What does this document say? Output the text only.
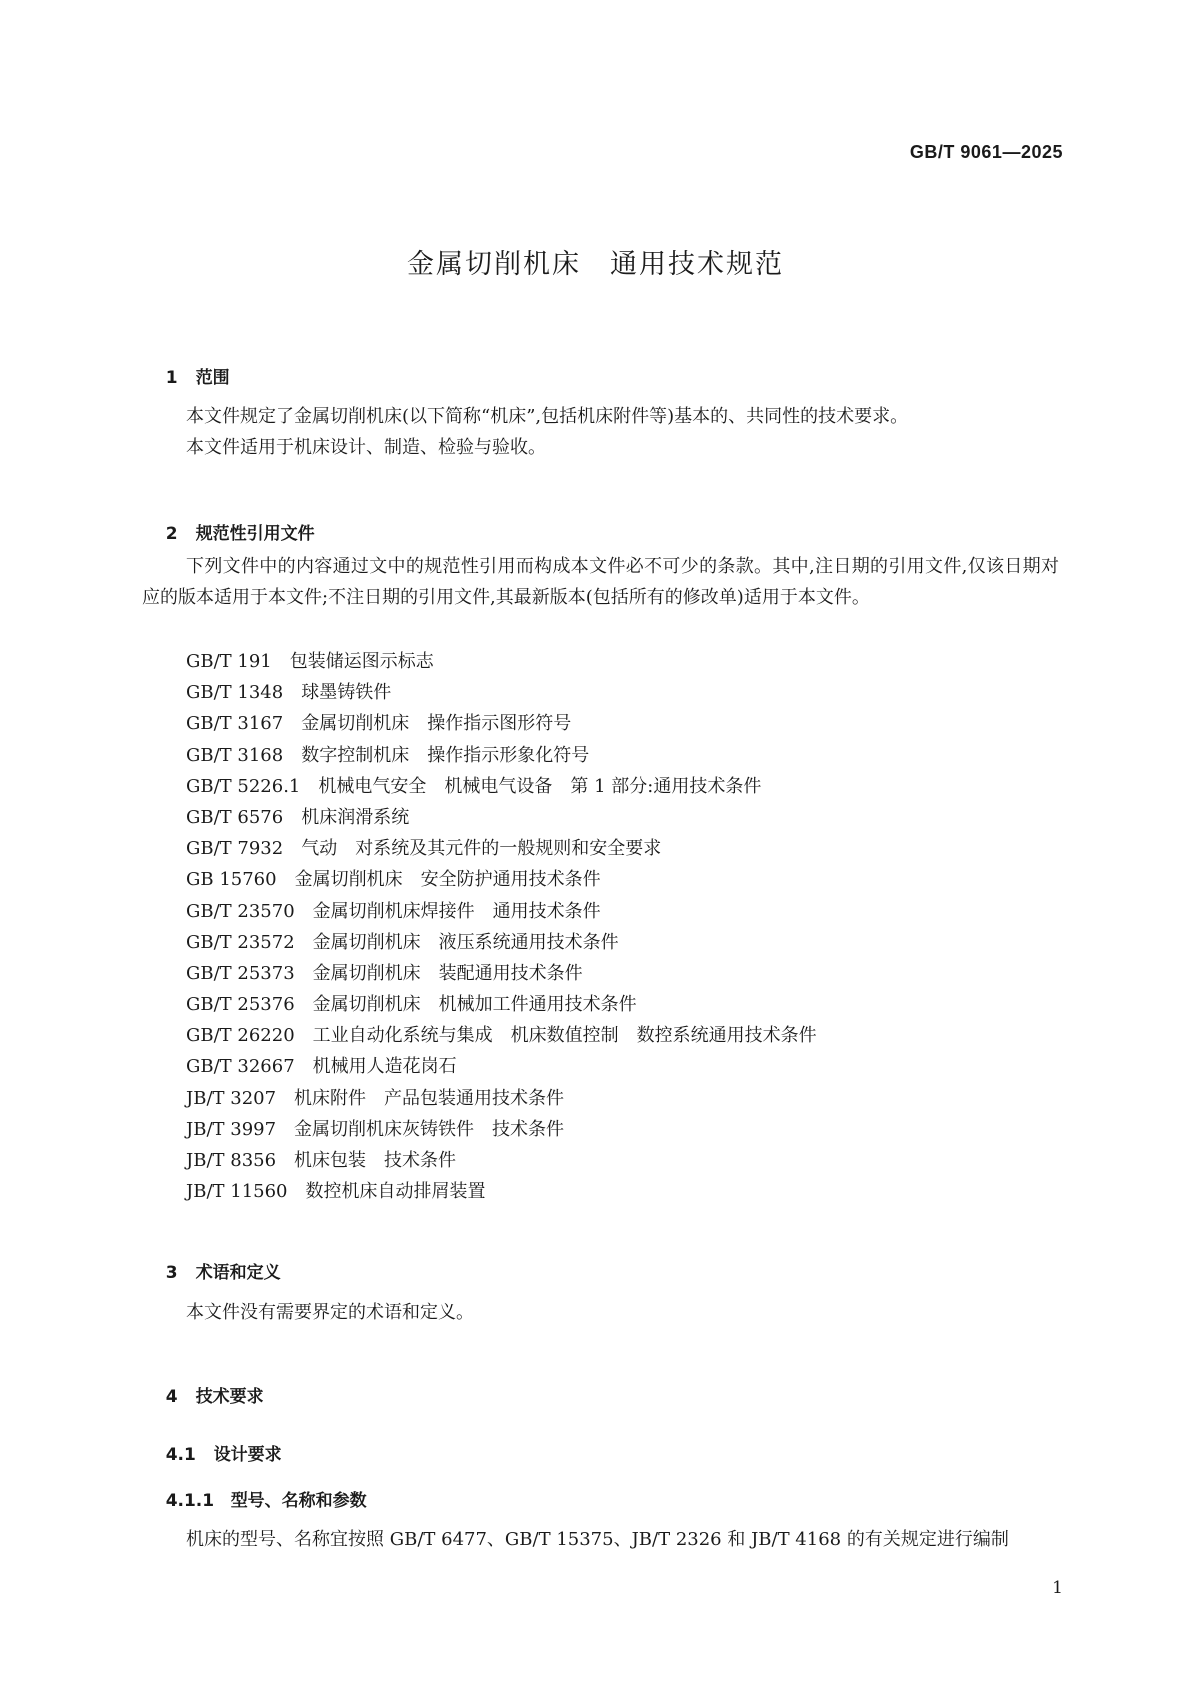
GB/T 9061—2025
金属切削机床　通用技术规范

1 范围

本文件规定了金属切削机床(以下简称“机床”,包括机床附件等)基本的、共同性的技术要求。
本文件适用于机床设计、制造、检验与验收。

2 规范性引用文件

下列文件中的内容通过文中的规范性引用而构成本文件必不可少的条款。其中,注日期的引用文件,仅该日期对应的版本适用于本文件;不注日期的引用文件,其最新版本(包括所有的修改单)适用于本文件。
GB/T 191　 包装储运图示标志
GB/T 1348　 球墨铸铁件
GB/T 3167　 金属切削机床　操作指示图形符号
GB/T 3168　 数字控制机床　操作指示形象化符号
GB/T 5226.1　 机械电气安全　机械电气设备　第 1 部分:通用技术条件
GB/T 6576　 机床润滑系统
GB/T 7932　 气动　对系统及其元件的一般规则和安全要求
GB 15760　 金属切削机床　安全防护通用技术条件
GB/T 23570　 金属切削机床焊接件　通用技术条件
GB/T 23572　 金属切削机床　液压系统通用技术条件
GB/T 25373　 金属切削机床　装配通用技术条件
GB/T 25376　 金属切削机床　机械加工件通用技术条件
GB/T 26220　 工业自动化系统与集成　机床数值控制　数控系统通用技术条件
GB/T 32667　 机械用人造花岗石
JB/T 3207　 机床附件　产品包装通用技术条件
JB/T 3997　 金属切削机床灰铸铁件　技术条件
JB/T 8356　 机床包装　技术条件
JB/T 11560　 数控机床自动排屑装置

3 术语和定义

本文件没有需要界定的术语和定义。

4 技术要求

4.1 设计要求

4.1.1 型号、名称和参数

机床的型号、名称宜按照 GB/T 6477、GB/T 15375、JB/T 2326 和 JB/T 4168 的有关规定进行编制
1
